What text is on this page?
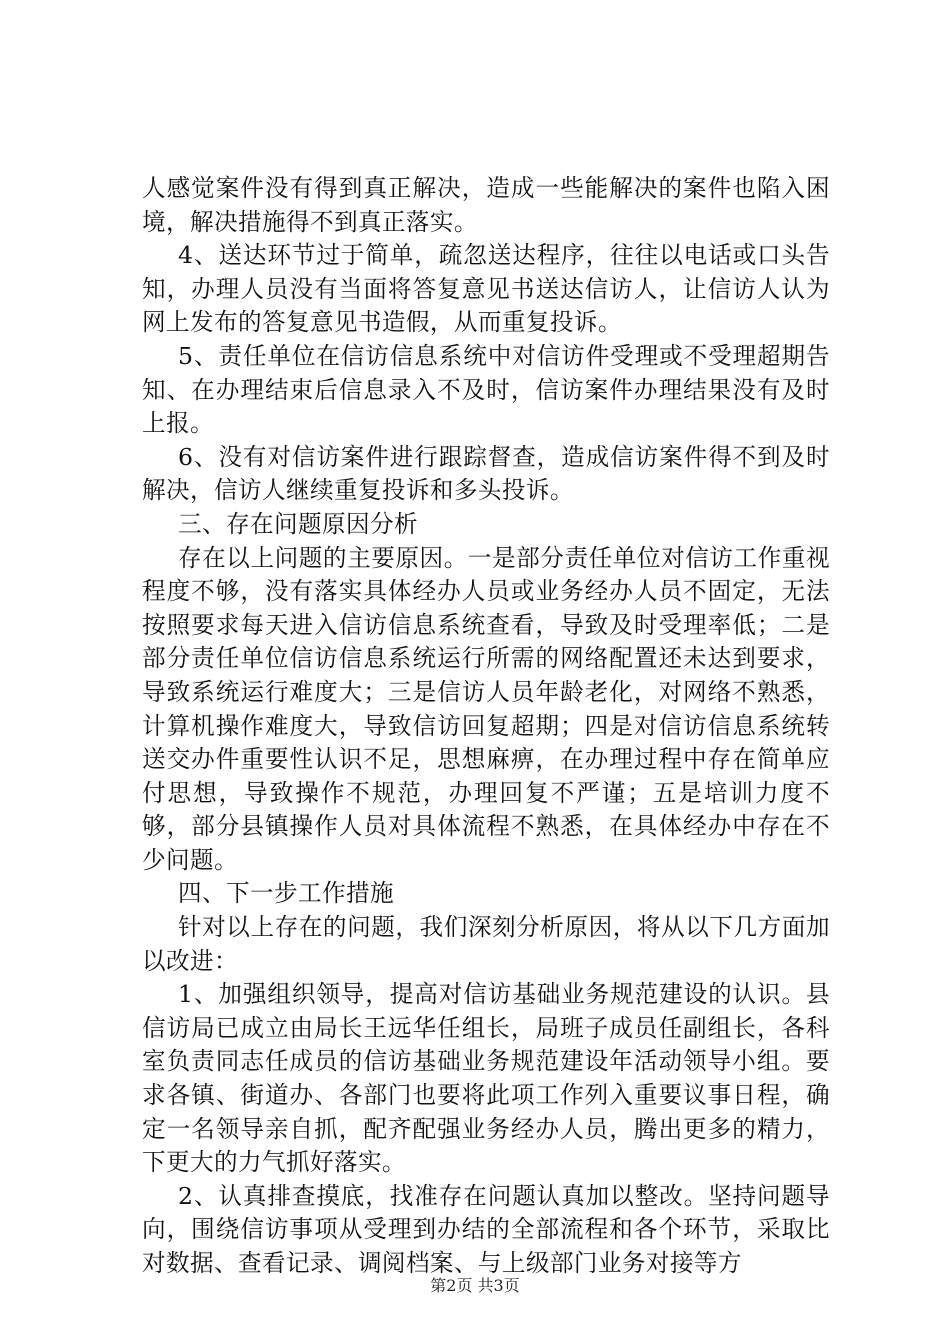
人感觉案件没有得到真正解决，造成一些能解决的案件也陷入困境，解决措施得不到真正落实。

4、送达环节过于简单，疏忽送达程序，往往以电话或口头告知，办理人员没有当面将答复意见书送达信访人，让信访人认为网上发布的答复意见书造假，从而重复投诉。

5、责任单位在信访信息系统中对信访件受理或不受理超期告知、在办理结束后信息录入不及时，信访案件办理结果没有及时上报。

6、没有对信访案件进行跟踪督查，造成信访案件得不到及时解决，信访人继续重复投诉和多头投诉。

三、存在问题原因分析

存在以上问题的主要原因。一是部分责任单位对信访工作重视程度不够，没有落实具体经办人员或业务经办人员不固定，无法按照要求每天进入信访信息系统查看，导致及时受理率低；二是部分责任单位信访信息系统运行所需的网络配置还未达到要求，导致系统运行难度大；三是信访人员年龄老化，对网络不熟悉，计算机操作难度大，导致信访回复超期；四是对信访信息系统转送交办件重要性认识不足，思想麻痹，在办理过程中存在简单应付思想，导致操作不规范，办理回复不严谨；五是培训力度不够，部分县镇操作人员对具体流程不熟悉，在具体经办中存在不少问题。

四、下一步工作措施

针对以上存在的问题，我们深刻分析原因，将从以下几方面加以改进：

1、加强组织领导，提高对信访基础业务规范建设的认识。县信访局已成立由局长王远华任组长，局班子成员任副组长，各科室负责同志任成员的信访基础业务规范建设年活动领导小组。要求各镇、街道办、各部门也要将此项工作列入重要议事日程，确定一名领导亲自抓，配齐配强业务经办人员，腾出更多的精力，下更大的力气抓好落实。

2、认真排查摸底，找准存在问题认真加以整改。坚持问题导向，围绕信访事项从受理到办结的全部流程和各个环节，采取比对数据、查看记录、调阅档案、与上级部门业务对接等方

第2页 共3页
